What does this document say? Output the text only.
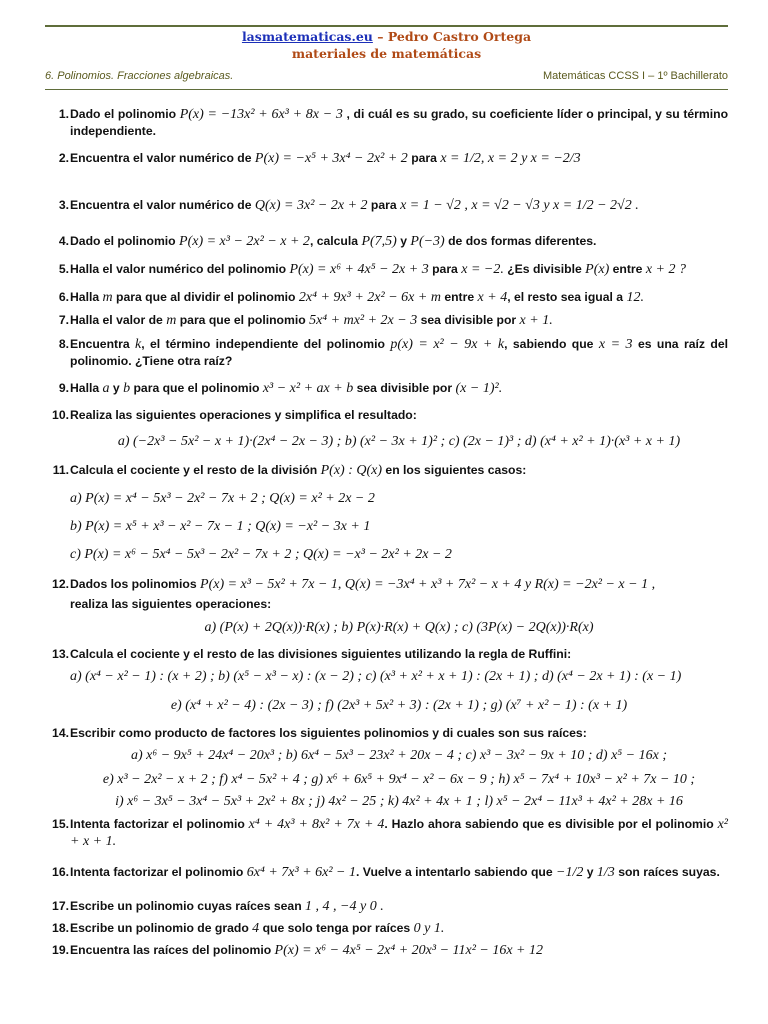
lasmatematicas.eu – Pedro Castro Ortega
materiales de matemáticas
6. Polinomios. Fracciones algebraicas.	Matemáticas CCSS I – 1º Bachillerato
1. Dado el polinomio P(x) = −13x² + 6x³ + 8x − 3 , di cuál es su grado, su coeficiente líder o principal, y su término independiente.
2. Encuentra el valor numérico de P(x) = −x⁵ + 3x⁴ − 2x² + 2 para x = 1/2, x = 2 y x = −2/3
3. Encuentra el valor numérico de Q(x) = 3x² − 2x + 2 para x = 1 − √2 , x = √2 − √3 y x = 1/2 − 2√2 .
4. Dado el polinomio P(x) = x³ − 2x² − x + 2, calcula P(7,5) y P(−3) de dos formas diferentes.
5. Halla el valor numérico del polinomio P(x) = x⁶ + 4x⁵ − 2x + 3 para x = −2. ¿Es divisible P(x) entre x + 2 ?
6. Halla m para que al dividir el polinomio 2x⁴ + 9x³ + 2x² − 6x + m entre x + 4, el resto sea igual a 12.
7. Halla el valor de m para que el polinomio 5x⁴ + mx² + 2x − 3 sea divisible por x + 1.
8. Encuentra k, el término independiente del polinomio p(x) = x² − 9x + k, sabiendo que x = 3 es una raíz del polinomio. ¿Tiene otra raíz?
9. Halla a y b para que el polinomio x³ − x² + ax + b sea divisible por (x − 1)².
10. Realiza las siguientes operaciones y simplifica el resultado:
a) (−2x³ − 5x² − x + 1)·(2x⁴ − 2x − 3) ; b) (x² − 3x + 1)² ; c) (2x − 1)³ ; d) (x⁴ + x² + 1)·(x³ + x + 1)
11. Calcula el cociente y el resto de la división P(x) : Q(x) en los siguientes casos:
a) P(x) = x⁴ − 5x³ − 2x² − 7x + 2 ; Q(x) = x² + 2x − 2
b) P(x) = x⁵ + x³ − x² − 7x − 1 ; Q(x) = −x² − 3x + 1
c) P(x) = x⁶ − 5x⁴ − 5x³ − 2x² − 7x + 2 ; Q(x) = −x³ − 2x² + 2x − 2
12. Dados los polinomios P(x) = x³ − 5x² + 7x − 1, Q(x) = −3x⁴ + x³ + 7x² − x + 4 y R(x) = −2x² − x − 1 ,
realiza las siguientes operaciones:
a) (P(x) + 2Q(x))·R(x) ; b) P(x)·R(x) + Q(x) ; c) (3P(x) − 2Q(x))·R(x)
13. Calcula el cociente y el resto de las divisiones siguientes utilizando la regla de Ruffini:
a) (x⁴ − x² − 1) : (x + 2) ; b) (x⁵ − x³ − x) : (x − 2) ; c) (x³ + x² + x + 1) : (2x + 1) ; d) (x⁴ − 2x + 1) : (x − 1)
e) (x⁴ + x² − 4) : (2x − 3) ; f) (2x³ + 5x² + 3) : (2x + 1) ; g) (x⁷ + x² − 1) : (x + 1)
14. Escribir como producto de factores los siguientes polinomios y di cuales son sus raíces:
a) x⁶ − 9x⁵ + 24x⁴ − 20x³ ; b) 6x⁴ − 5x³ − 23x² + 20x − 4 ; c) x³ − 3x² − 9x + 10 ; d) x⁵ − 16x ;
e) x³ − 2x² − x + 2 ; f) x⁴ − 5x² + 4 ; g) x⁶ + 6x⁵ + 9x⁴ − x² − 6x − 9 ; h) x⁵ − 7x⁴ + 10x³ − x² + 7x − 10 ;
i) x⁶ − 3x⁵ − 3x⁴ − 5x³ + 2x² + 8x ; j) 4x² − 25 ; k) 4x² + 4x + 1 ; l) x⁵ − 2x⁴ − 11x³ + 4x² + 28x + 16
15. Intenta factorizar el polinomio x⁴ + 4x³ + 8x² + 7x + 4. Hazlo ahora sabiendo que es divisible por el polinomio x² + x + 1.
16. Intenta factorizar el polinomio 6x⁴ + 7x³ + 6x² − 1. Vuelve a intentarlo sabiendo que −1/2 y 1/3 son raíces suyas.
17. Escribe un polinomio cuyas raíces sean 1 , 4 , −4 y 0 .
18. Escribe un polinomio de grado 4 que solo tenga por raíces 0 y 1.
19. Encuentra las raíces del polinomio P(x) = x⁶ − 4x⁵ − 2x⁴ + 20x³ − 11x² − 16x + 12
